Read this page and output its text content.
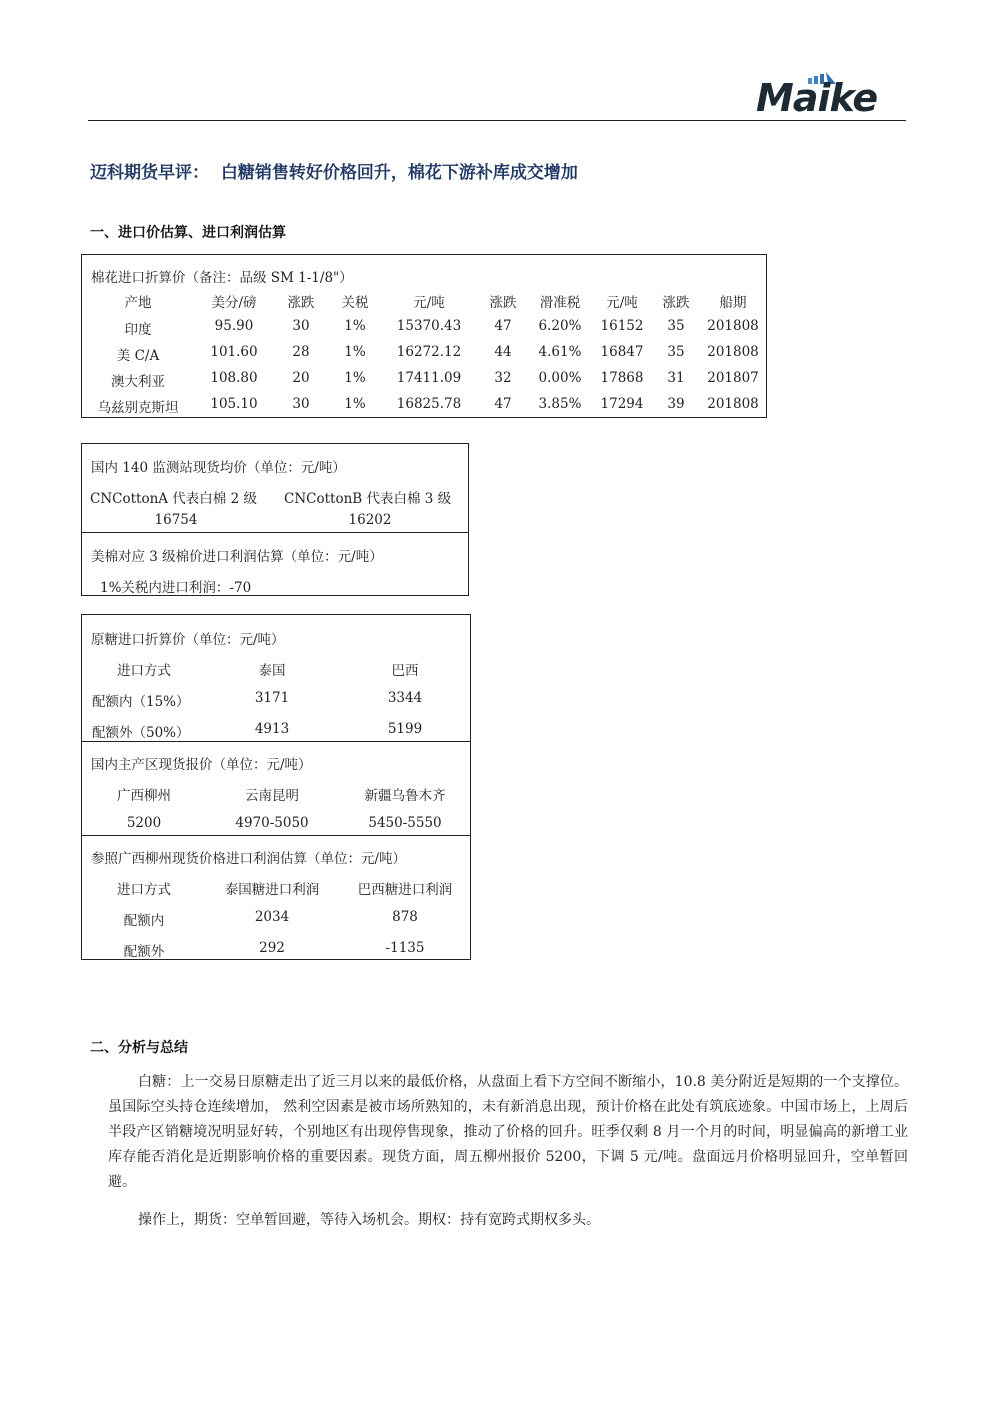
Maike
迈科期货早评：  白糖销售转好价格回升，棉花下游补库成交增加
一、进口价估算、进口利润估算
棉花进口折算价（备注：品级 SM 1-1/8"）
产地	美分/磅 涨跌 关税	元/吨	涨跌 滑准税 元/吨 涨跌 船期
印度	95.90	30	1% 15370.43 47 6.20% 16152 35 201808
美 C/A	101.60	28	1% 16272.12 44 4.61% 16847 35 201808
澳大利亚	108.80	20	1% 17411.09 32 0.00% 17868 31 201807
乌兹别克斯坦 105.10	30	1% 16825.78 47 3.85% 17294 39 201808
国内 140 监测站现货均价（单位：元/吨）
CNCottonA 代表白棉 2 级 CNCottonB 代表白棉 3 级
16754	16202
美棉对应 3 级棉价进口利润估算（单位：元/吨）
1%关税内进口利润：-70
原糖进口折算价（单位：元/吨）
进口方式	泰国	巴西
配额内（15%）	3171	3344
配额外（50%）	4913	5199
国内主产区现货报价（单位：元/吨）
广西柳州	云南昆明	新疆乌鲁木齐
5200	4970-5050	5450-5550
参照广西柳州现货价格进口利润估算（单位：元/吨）
进口方式	泰国糖进口利润	巴西糖进口利润
配额内	2034	878
配额外	292	-1135
二、分析与总结
白糖：上一交易日原糖走出了近三月以来的最低价格，从盘面上看下方空间不断缩小，10.8 美分附近是短期的一个支撑位。虽国际空头持仓连续增加， 然利空因素是被市场所熟知的，未有新消息出现，预计价格在此处有筑底迹象。中国市场上，上周后半段产区销糖境况明显好转，个别地区有出现停售现象，推动了价格的回升。旺季仅剩 8 月一个月的时间，明显偏高的新增工业库存能否消化是近期影响价格的重要因素。现货方面，周五柳州报价 5200，下调 5 元/吨。盘面远月价格明显回升，空单暂回避。
操作上，期货：空单暂回避，等待入场机会。期权：持有宽跨式期权多头。
